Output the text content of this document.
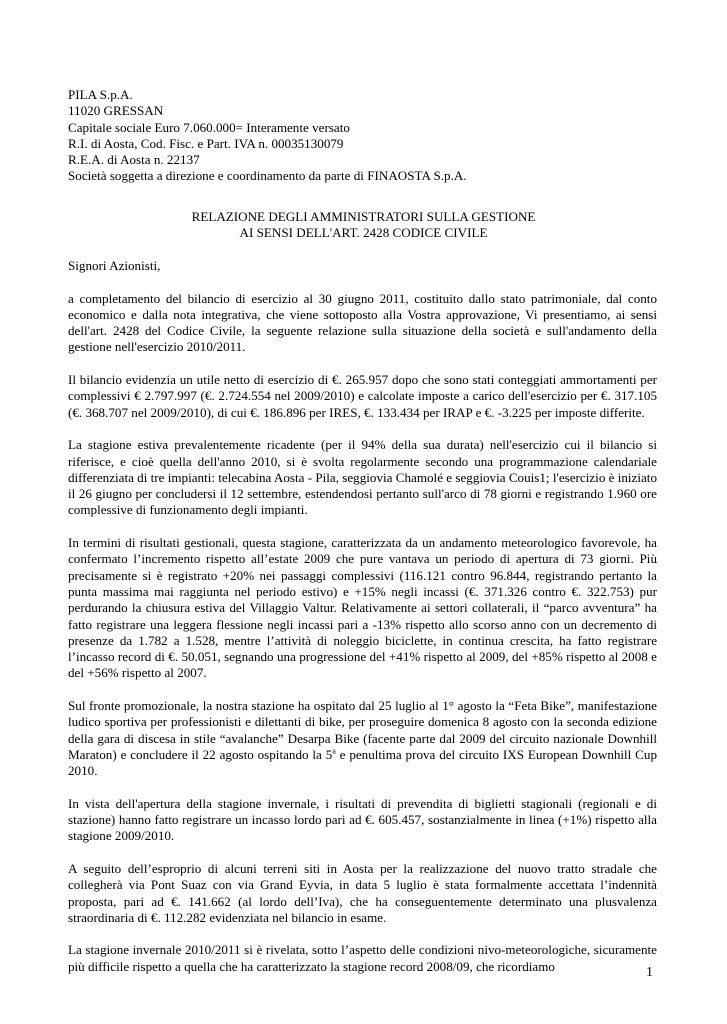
PILA S.p.A.
11020 GRESSAN
Capitale sociale Euro 7.060.000= Interamente versato
R.I. di Aosta, Cod. Fisc. e Part. IVA n. 00035130079
R.E.A. di Aosta n. 22137
Società soggetta a direzione e coordinamento da parte di FINAOSTA S.p.A.
RELAZIONE DEGLI AMMINISTRATORI SULLA GESTIONE
AI SENSI DELL'ART. 2428 CODICE CIVILE

Signori Azionisti,

a completamento del bilancio di esercizio al 30 giugno 2011, costituito dallo stato patrimoniale, dal conto economico e dalla nota integrativa, che viene sottoposto alla Vostra approvazione, Vi presentiamo, ai sensi dell'art. 2428 del Codice Civile, la seguente relazione sulla situazione della società e sull'andamento della gestione nell'esercizio 2010/2011.

Il bilancio evidenzia un utile netto di esercizio di €. 265.957 dopo che sono stati conteggiati ammortamenti per complessivi € 2.797.997 (€. 2.724.554 nel 2009/2010) e calcolate imposte a carico dell'esercizio per €. 317.105 (€. 368.707 nel 2009/2010), di cui €. 186.896 per IRES, €. 133.434 per IRAP e €. -3.225 per imposte differite.

La stagione estiva prevalentemente ricadente (per il 94% della sua durata) nell'esercizio cui il bilancio si riferisce, e cioè quella dell'anno 2010, si è svolta regolarmente secondo una programmazione calendariale differenziata di tre impianti: telecabina Aosta - Pila, seggiovia Chamolé e seggiovia Couis1; l'esercizio è iniziato il 26 giugno per concludersi il 12 settembre, estendendosi pertanto sull'arco di 78 giorni e registrando 1.960 ore complessive di funzionamento degli impianti.

In termini di risultati gestionali, questa stagione, caratterizzata da un andamento meteorologico favorevole, ha confermato l’incremento rispetto all’estate 2009 che pure vantava un periodo di apertura di 73 giorni. Più precisamente si è registrato +20% nei passaggi complessivi (116.121 contro 96.844, registrando pertanto la punta massima mai raggiunta nel periodo estivo) e +15% negli incassi (€. 371.326 contro €. 322.753) pur perdurando la chiusura estiva del Villaggio Valtur. Relativamente ai settori collaterali, il “parco avventura” ha fatto registrare una leggera flessione negli incassi pari a -13% rispetto allo scorso anno con un decremento di presenze da 1.782 a 1.528, mentre l’attività di noleggio biciclette, in continua crescita, ha fatto registrare l’incasso record di €. 50.051, segnando una progressione del +41% rispetto al 2009, del +85% rispetto al 2008 e del +56% rispetto al 2007.

Sul fronte promozionale, la nostra stazione ha ospitato dal 25 luglio al 1° agosto la “Feta Bike”, manifestazione ludico sportiva per professionisti e dilettanti di bike, per proseguire domenica 8 agosto con la seconda edizione della gara di discesa in stile “avalanche” Desarpa Bike (facente parte dal 2009 del circuito nazionale Downhill Maraton) e concludere il 22 agosto ospitando la 5$^a$ e penultima prova del circuito IXS European Downhill Cup 2010.

In vista dell'apertura della stagione invernale, i risultati di prevendita di biglietti stagionali (regionali e di stazione) hanno fatto registrare un incasso lordo pari ad €. 605.457, sostanzialmente in linea (+1%) rispetto alla stagione 2009/2010.

A seguito dell’esproprio di alcuni terreni siti in Aosta per la realizzazione del nuovo tratto stradale che collegherà via Pont Suaz con via Grand Eyvia, in data 5 luglio è stata formalmente accettata l’indennità proposta, pari ad €. 141.662 (al lordo dell’Iva), che ha conseguentemente determinato una plusvalenza straordinaria di €. 112.282 evidenziata nel bilancio in esame.

La stagione invernale 2010/2011 si è rivelata, sotto l’aspetto delle condizioni nivo-meteorologiche, sicuramente più difficile rispetto a quella che ha caratterizzato la stagione record 2008/09, che ricordiamo	1
